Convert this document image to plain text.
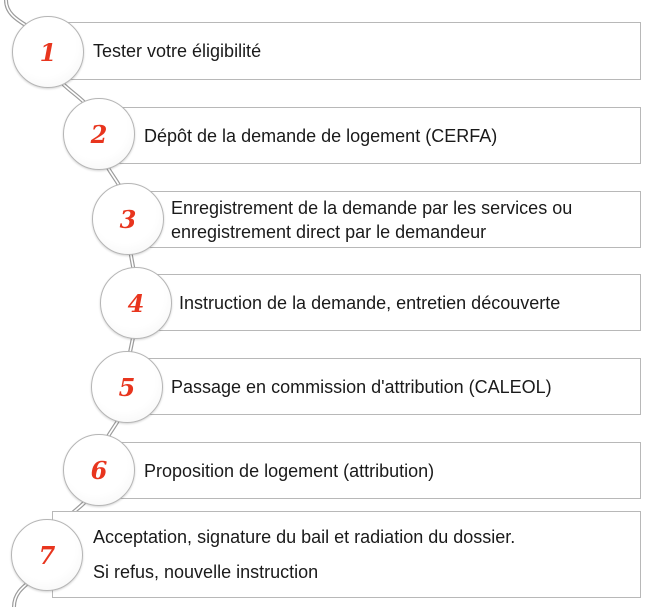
Tester votre éligibilité
Dépôt de la demande de logement (CERFA)
Enregistrement de la demande par les services ou
enregistrement direct par le demandeur
Instruction de la demande, entretien découverte
Passage en commission d'attribution (CALEOL)
Proposition de logement (attribution)
Acceptation, signature du bail et radiation du dossier.
Si refus, nouvelle instruction
1
2
3
4
5
6
7
